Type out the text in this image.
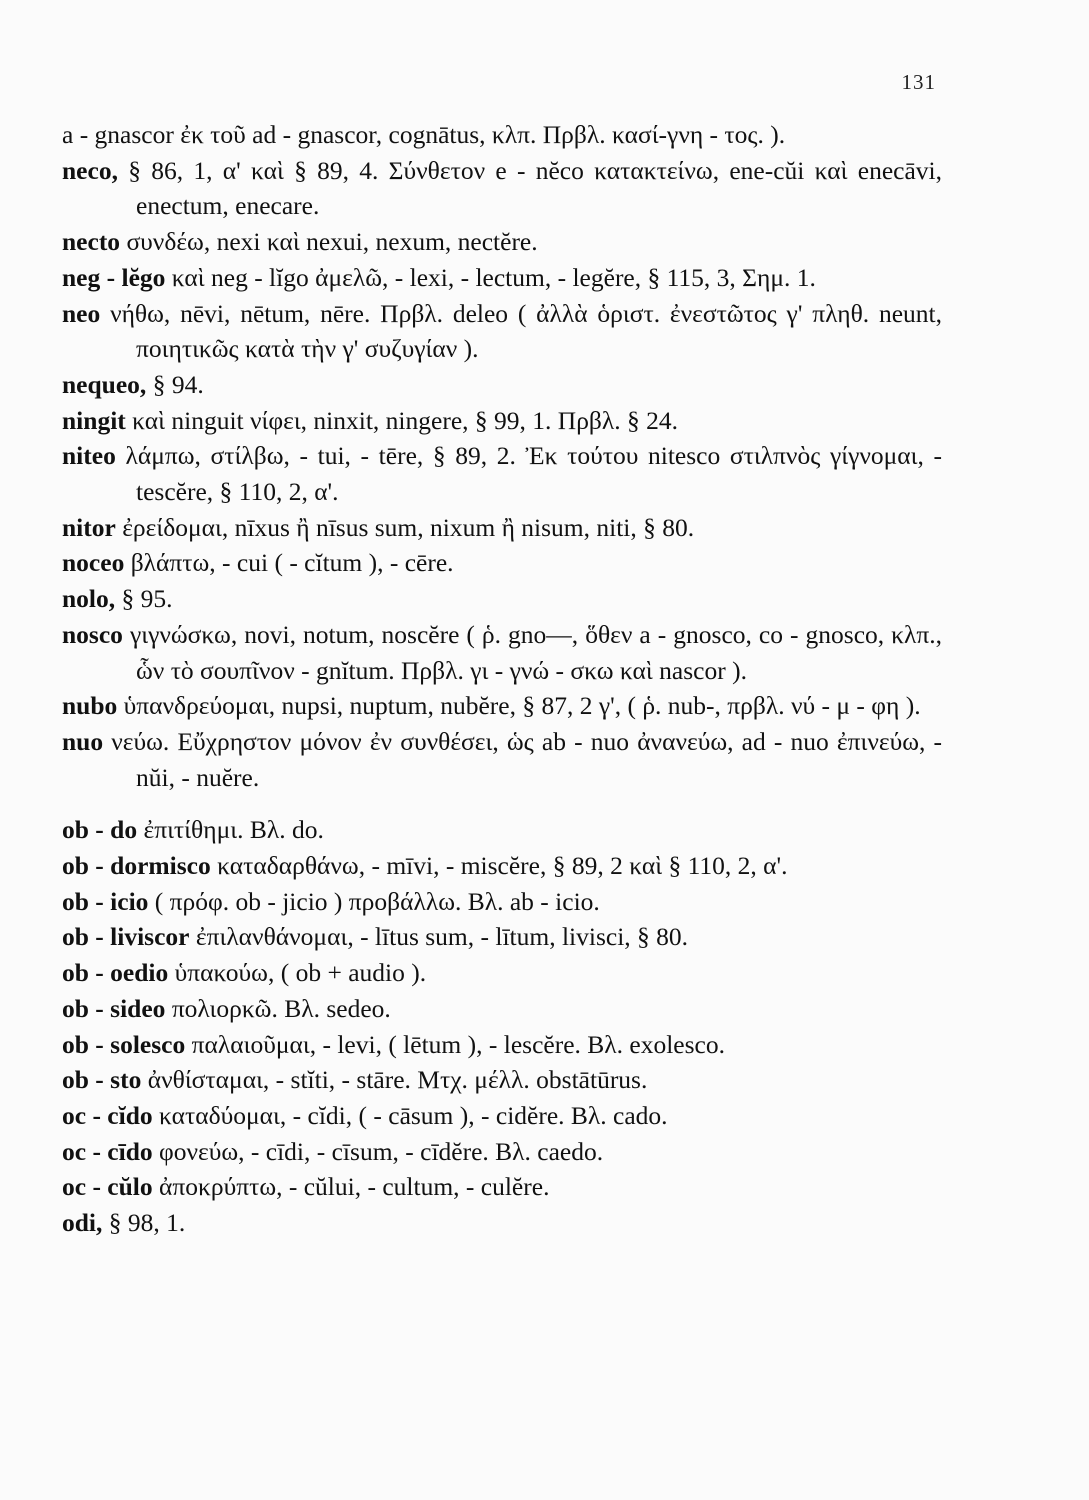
131
a - gnascor ἐκ τοῦ ad - gnascor, cognātus, κλπ. Πρβλ. κασί-γνη - τος. ).
neco, § 86, 1, α' καὶ § 89, 4. Σύνθετον e - nĕco κατακτείνω, ene-cŭi καὶ enecāvi, enectum, enecare.
necto συνδέω, nexi καὶ nexui, nexum, nectĕre.
neg - lĕgo καὶ neg - lĭgo ἀμελῶ, - lexi, - lectum, - legĕre, § 115, 3, Σημ. 1.
neo νήθω, nēvi, nētum, nēre. Πρβλ. deleo ( ἀλλὰ ὁριστ. ἐνεστῶτος γ' πληθ. neunt, ποιητικῶς κατὰ τὴν γ' συζυγίαν ).
nequeo, § 94.
ningit καὶ ninguit νίφει, ninxit, ningere, § 99, 1. Πρβλ. § 24.
niteo λάμπω, στίλβω, - tui, - tēre, § 89, 2. Ἐκ τούτου nitesco στιλπνὸς γίγνομαι, - tescĕre, § 110, 2, α'.
nitor ἐρείδομαι, nīxus ἢ nīsus sum, nixum ἢ nisum, niti, § 80.
noceo βλάπτω, - cui ( - cĭtum ), - cēre.
nolo, § 95.
nosco γιγνώσκω, novi, notum, noscĕre ( ῥ. gno—, ὅθεν a - gnosco, co - gnosco, κλπ., ὧν τὸ σουπῖνον - gnĭtum. Πρβλ. γι - γνώ - σκω καὶ nascor ).
nubo ὑπανδρεύομαι, nupsi, nuptum, nubĕre, § 87, 2 γ', ( ῥ. nub-, πρβλ. νύ - μ - φη ).
nuo νεύω. Εὔχρηστον μόνον ἐν συνθέσει, ὡς ab - nuo ἀνανεύω, ad - nuo ἐπινεύω, - nŭi, - nuĕre.
ob - do ἐπιτίθημι. Βλ. do.
ob - dormisco καταδαρθάνω, - mīvi, - miscĕre, § 89, 2 καὶ § 110, 2, α'.
ob - icio ( πρόφ. ob - jicio ) προβάλλω. Βλ. ab - icio.
ob - liviscor ἐπιλανθάνομαι, - lītus sum, - lītum, livisci, § 80.
ob - oedio ὑπακούω, ( ob + audio ).
ob - sideo πολιορκῶ. Βλ. sedeo.
ob - solesco παλαιοῦμαι, - levi, ( lētum ), - lescĕre. Βλ. exolesco.
ob - sto ἀνθίσταμαι, - stĭti, - stāre. Μτχ. μέλλ. obstātūrus.
oc - cĭdo καταδύομαι, - cĭdi, ( - cāsum ), - cidĕre. Βλ. cado.
oc - cīdo φονεύω, - cīdi, - cīsum, - cīdĕre. Βλ. caedo.
oc - cŭlo ἀποκρύπτω, - cŭlui, - cultum, - culĕre.
odi, § 98, 1.
